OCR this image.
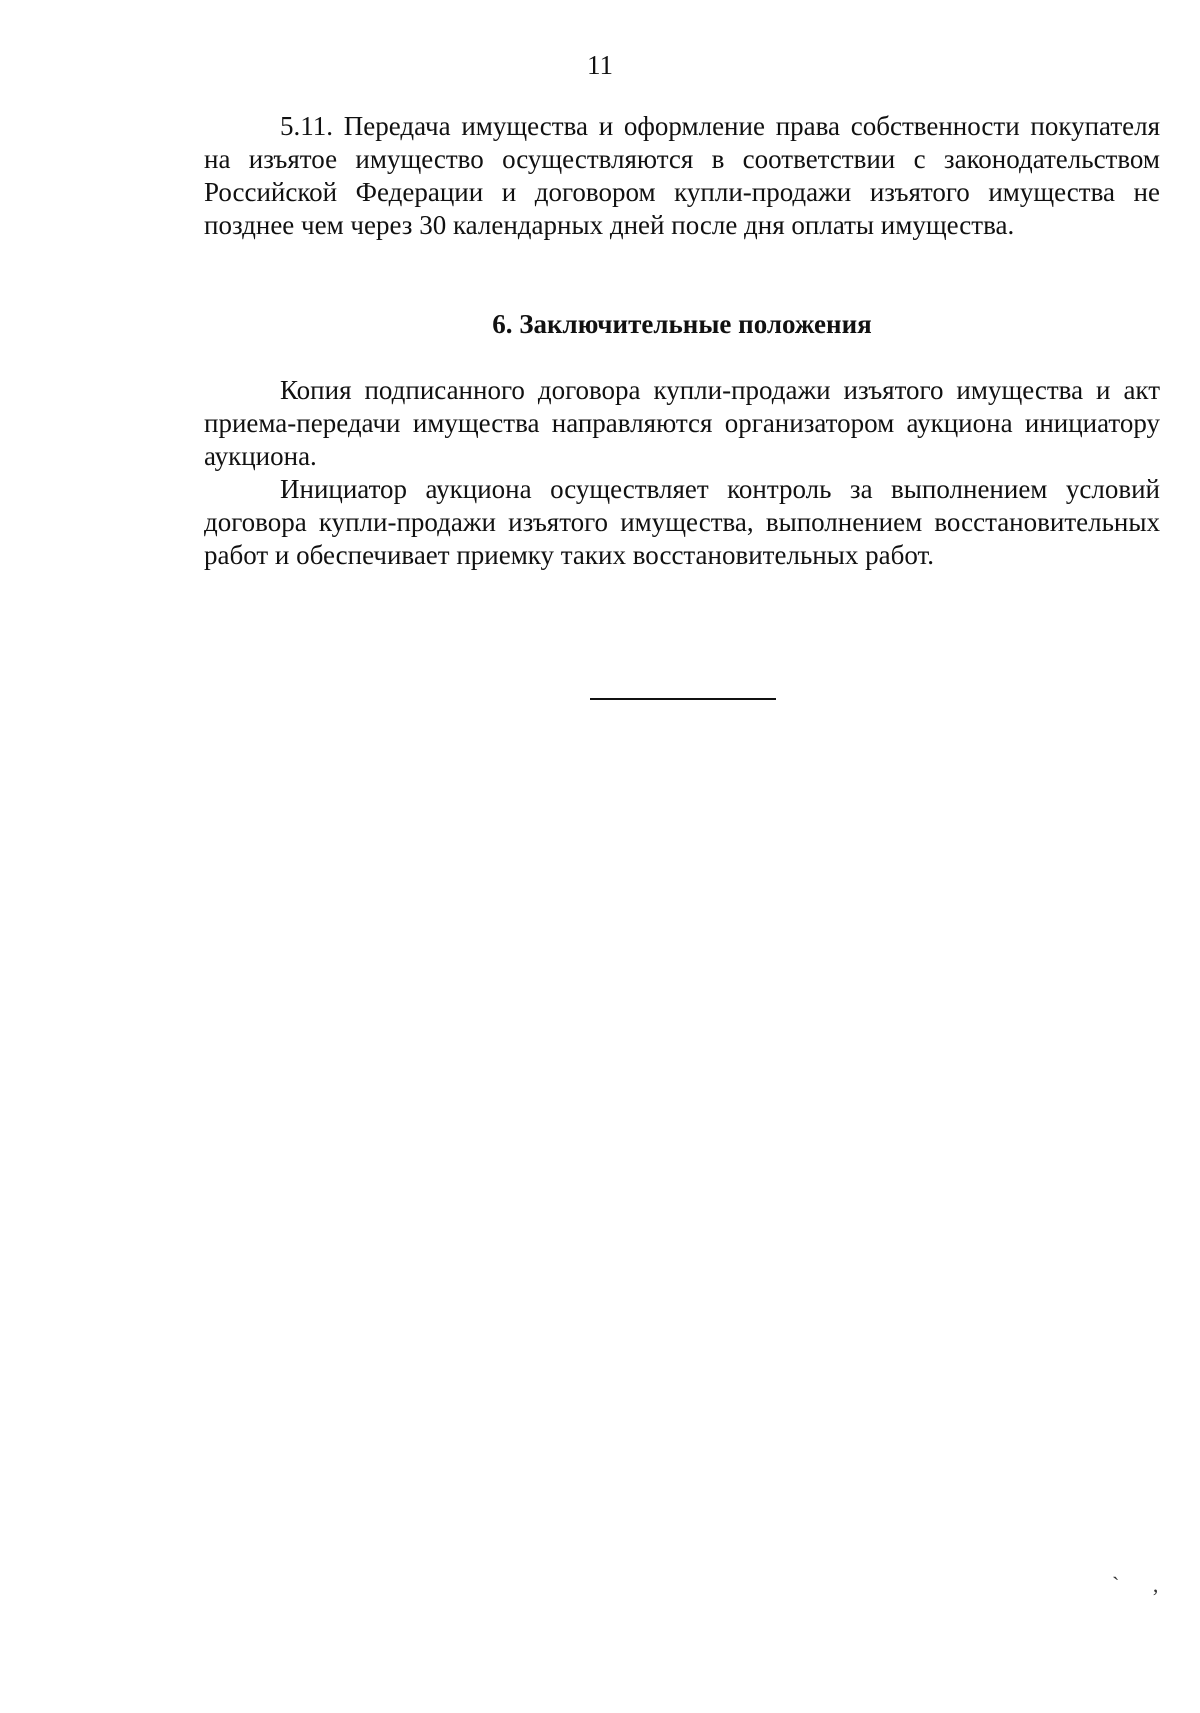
11

5.11. Передача имущества и оформление права собственности покупателя на изъятое имущество осуществляются в соответствии с законодательством Российской Федерации и договором купли-продажи изъятого имущества не позднее чем через 30 календарных дней после дня оплаты имущества.

6. Заключительные положения

Копия подписанного договора купли-продажи изъятого имущества и акт приема-передачи имущества направляются организатором аукциона инициатору аукциона.

Инициатор аукциона осуществляет контроль за выполнением условий договора купли-продажи изъятого имущества, выполнением восстановительных работ и обеспечивает приемку таких восстановительных работ.

` ,
